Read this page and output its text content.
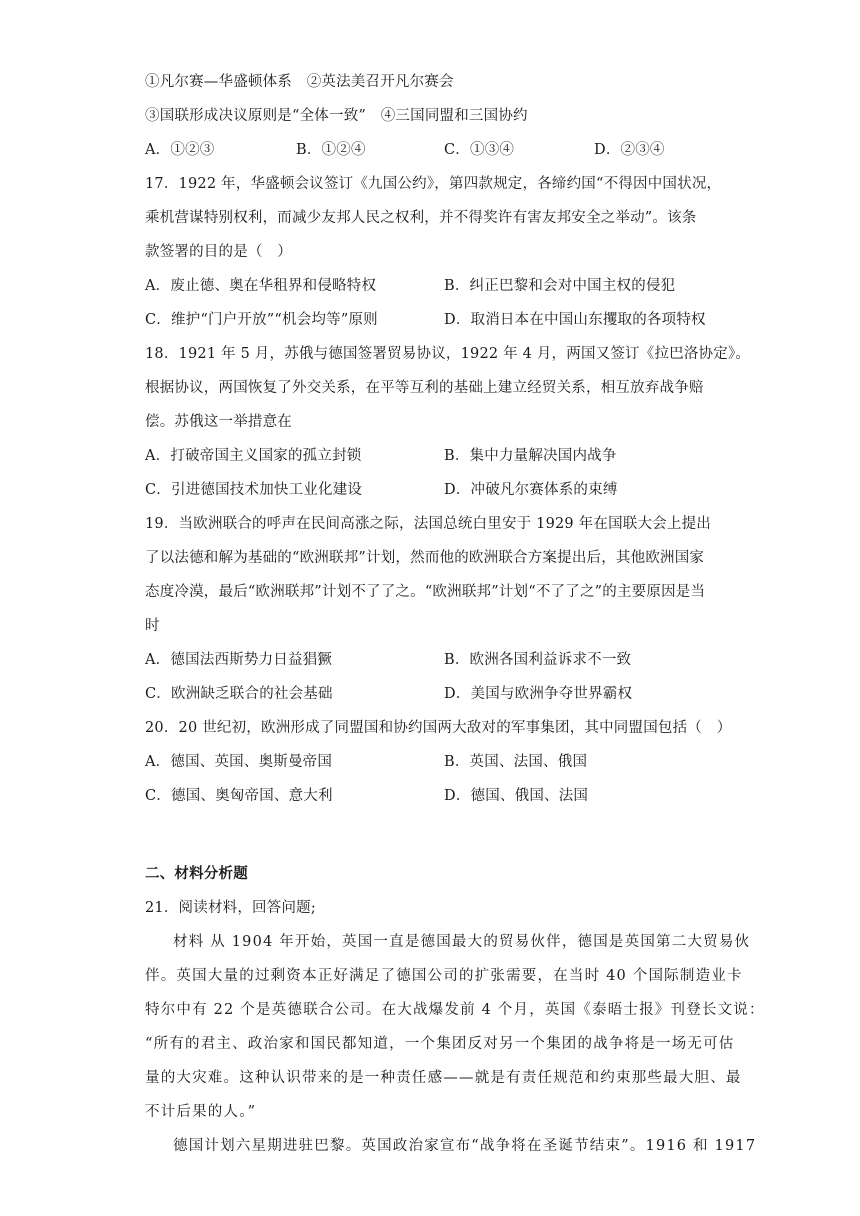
①凡尔赛—华盛顿体系　②英法美召开凡尔赛会
③国联形成决议原则是“全体一致”　④三国同盟和三国协约
A．①②③	B．①②④	C．①③④	D．②③④
17．1922 年，华盛顿会议签订《九国公约》，第四款规定，各缔约国“不得因中国状况，
乘机营谋特别权利，而减少友邦人民之权利，并不得奖许有害友邦安全之举动”。该条
款签署的目的是（　）
A．废止德、奥在华租界和侵略特权	B．纠正巴黎和会对中国主权的侵犯
C．维护“门户开放”“机会均等”原则	D．取消日本在中国山东攫取的各项特权
18．1921 年 5 月，苏俄与德国签署贸易协议，1922 年 4 月，两国又签订《拉巴洛协定》。
根据协议，两国恢复了外交关系，在平等互利的基础上建立经贸关系，相互放弃战争赔
偿。苏俄这一举措意在
A．打破帝国主义国家的孤立封锁	B．集中力量解决国内战争
C．引进德国技术加快工业化建设	D．冲破凡尔赛体系的束缚
19．当欧洲联合的呼声在民间高涨之际，法国总统白里安于 1929 年在国联大会上提出
了以法德和解为基础的“欧洲联邦”计划，然而他的欧洲联合方案提出后，其他欧洲国家
态度冷漠，最后“欧洲联邦”计划不了了之。“欧洲联邦”计划“不了了之”的主要原因是当
时
A．德国法西斯势力日益猖獗	B．欧洲各国利益诉求不一致
C．欧洲缺乏联合的社会基础	D．美国与欧洲争夺世界霸权
20．20 世纪初，欧洲形成了同盟国和协约国两大敌对的军事集团，其中同盟国包括（　）
A．德国、英国、奥斯曼帝国	B．英国、法国、俄国
C．德国、奥匈帝国、意大利	D．德国、俄国、法国
二、材料分析题
21．阅读材料，回答问题;
材料 从 1904 年开始，英国一直是德国最大的贸易伙伴，德国是英国第二大贸易伙
伴。英国大量的过剩资本正好满足了德国公司的扩张需要，在当时 40 个国际制造业卡
特尔中有 22 个是英德联合公司。在大战爆发前 4 个月，英国《泰晤士报》刊登长文说：
“所有的君主、政治家和国民都知道，一个集团反对另一个集团的战争将是一场无可估
量的大灾难。这种认识带来的是一种责任感——就是有责任规范和约束那些最大胆、最
不计后果的人。”
德国计划六星期进驻巴黎。英国政治家宣布“战争将在圣诞节结束”。1916 和 1917
